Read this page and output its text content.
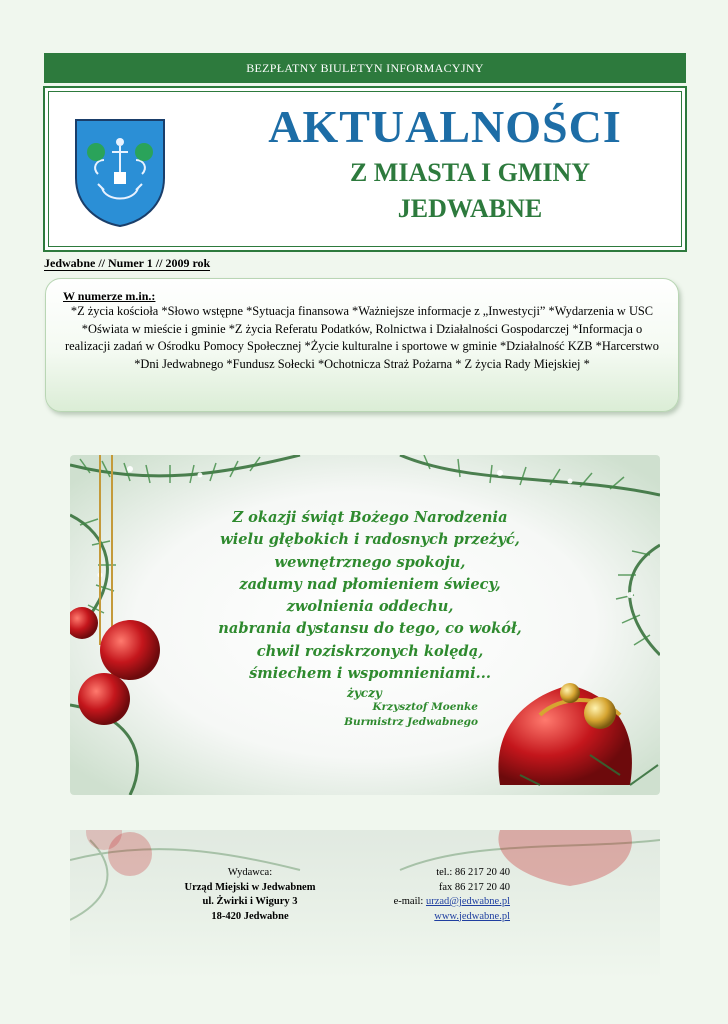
BEZPŁATNY BIULETYN INFORMACYJNY
AKTUALNOŚCI
Z MIASTA I GMINY
JEDWABNE
Jedwabne // Numer 1 // 2009 rok
W numerze m.in.:
*Z życia kościoła *Słowo wstępne *Sytuacja finansowa *Ważniejsze informacje z „Inwestycji” *Wydarzenia w USC *Oświata w mieście i gminie *Z życia Referatu Podatków, Rolnictwa i Działalności Gospodarczej *Informacja o realizacji zadań w Ośrodku Pomocy Społecznej *Życie kulturalne i sportowe w gminie *Działalność KZB *Harcerstwo *Dni Jedwabnego *Fundusz Sołecki *Ochotnicza Straż Pożarna * Z życia Rady Miejskiej *
Z okazji świąt Bożego Narodzenia
wielu głębokich i radosnych przeżyć,
wewnętrznego spokoju,
zadumy nad płomieniem świecy,
zwolnienia oddechu,
nabrania dystansu do tego, co wokół,
chwil roziskrzonych kolędą,
śmiechem i wspomnieniami...
życzy
Krzysztof Moenke
Burmistrz Jedwabnego
Wydawca:
Urząd Miejski w Jedwabnem
ul. Żwirki i Wigury 3
18-420 Jedwabne
tel.: 86 217 20 40
fax 86 217 20 40
e-mail: urzad@jedwabne.pl
www.jedwabne.pl
